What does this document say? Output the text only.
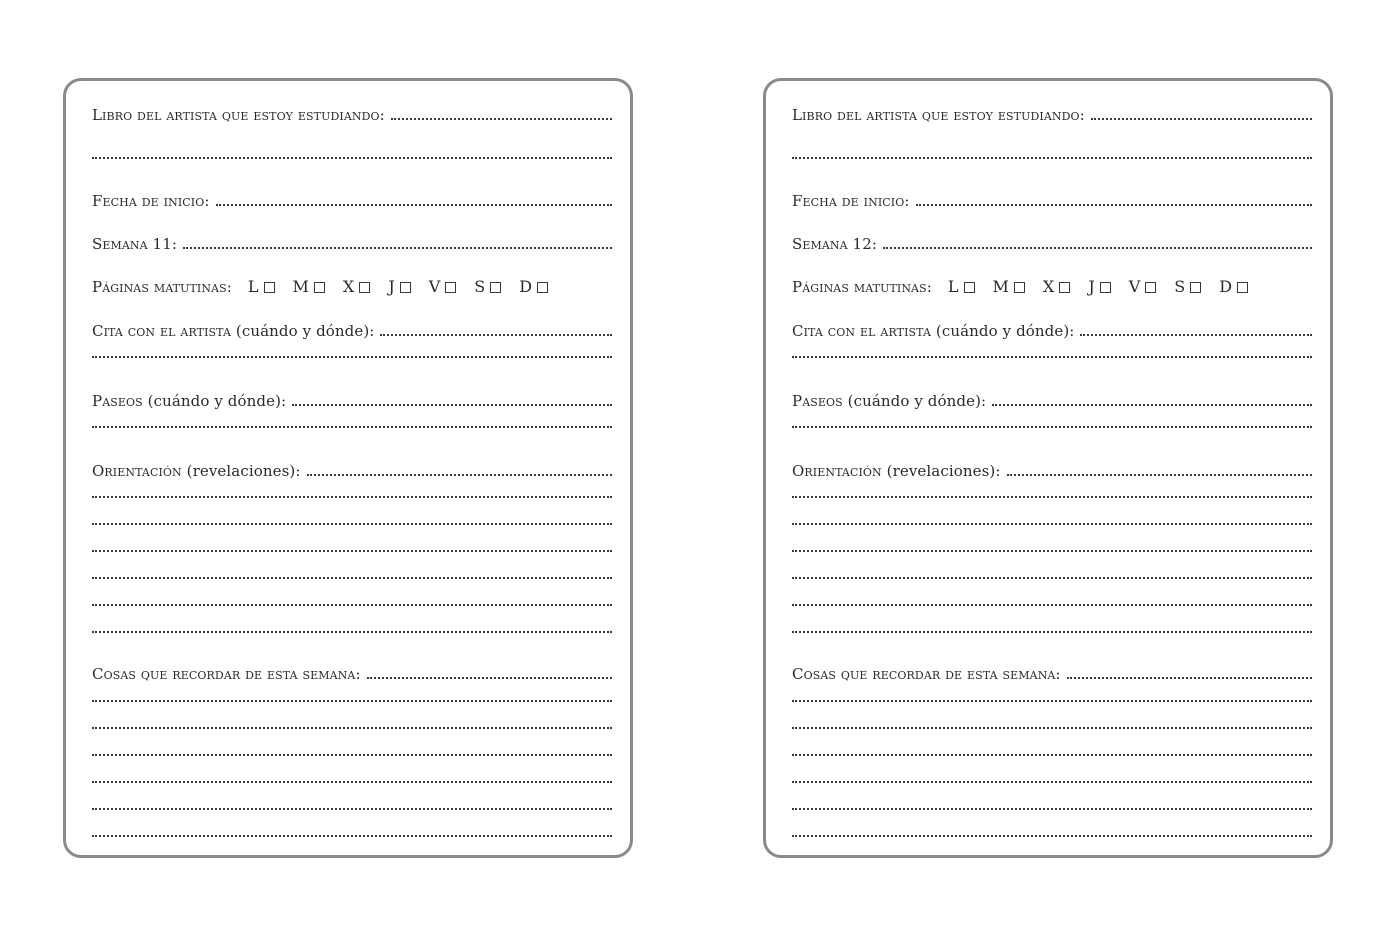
Libro del artista que estoy estudiando:
Fecha de inicio:
Semana 11:
Páginas matutinas:	L M X J V S D
Cita con el artista (cuándo y dónde):
Paseos (cuándo y dónde):
Orientación (revelaciones):
Cosas que recordar de esta semana:
Libro del artista que estoy estudiando:
Fecha de inicio:
Semana 12:
Páginas matutinas:	L M X J V S D
Cita con el artista (cuándo y dónde):
Paseos (cuándo y dónde):
Orientación (revelaciones):
Cosas que recordar de esta semana:
